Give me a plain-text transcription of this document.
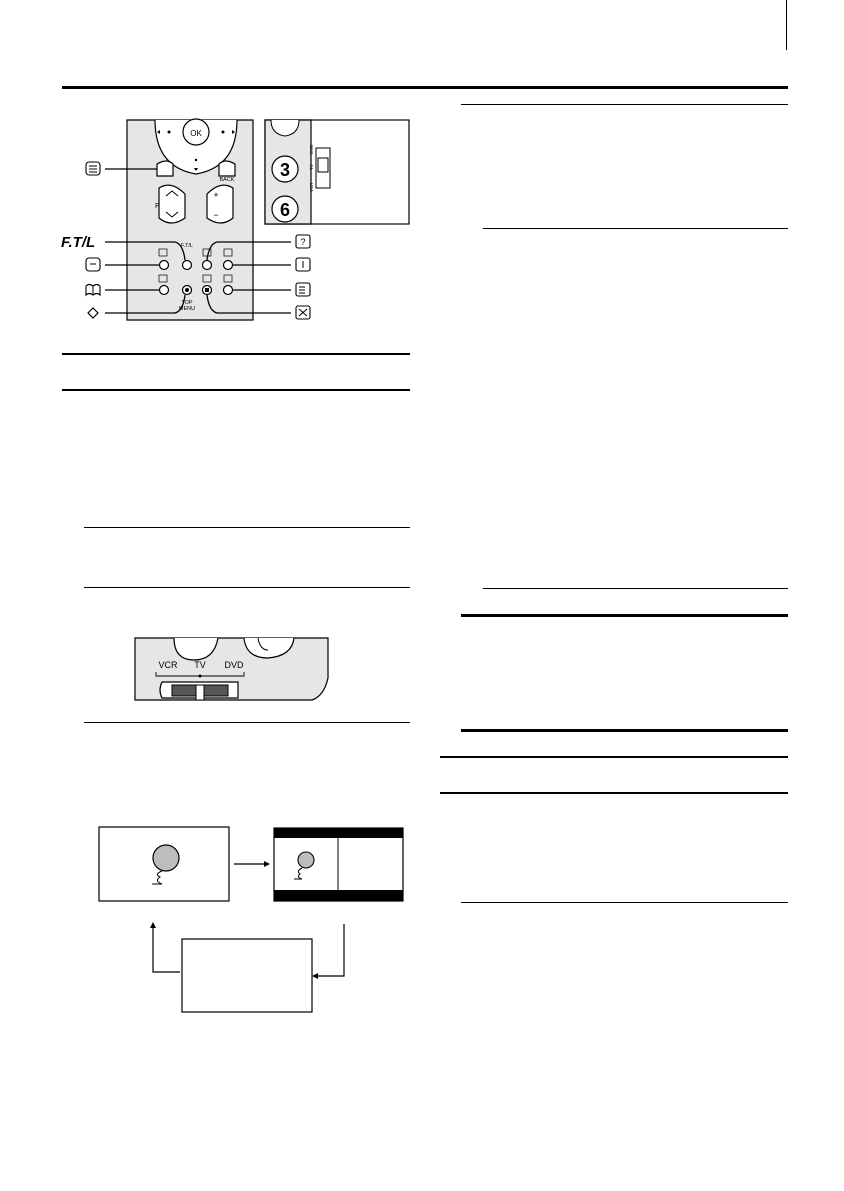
OK
BACK
P
+
−
F.T/L
TOP
MENU
F.T/L	?
3
6
DVD
TV
VCR
VCR TV DVD
